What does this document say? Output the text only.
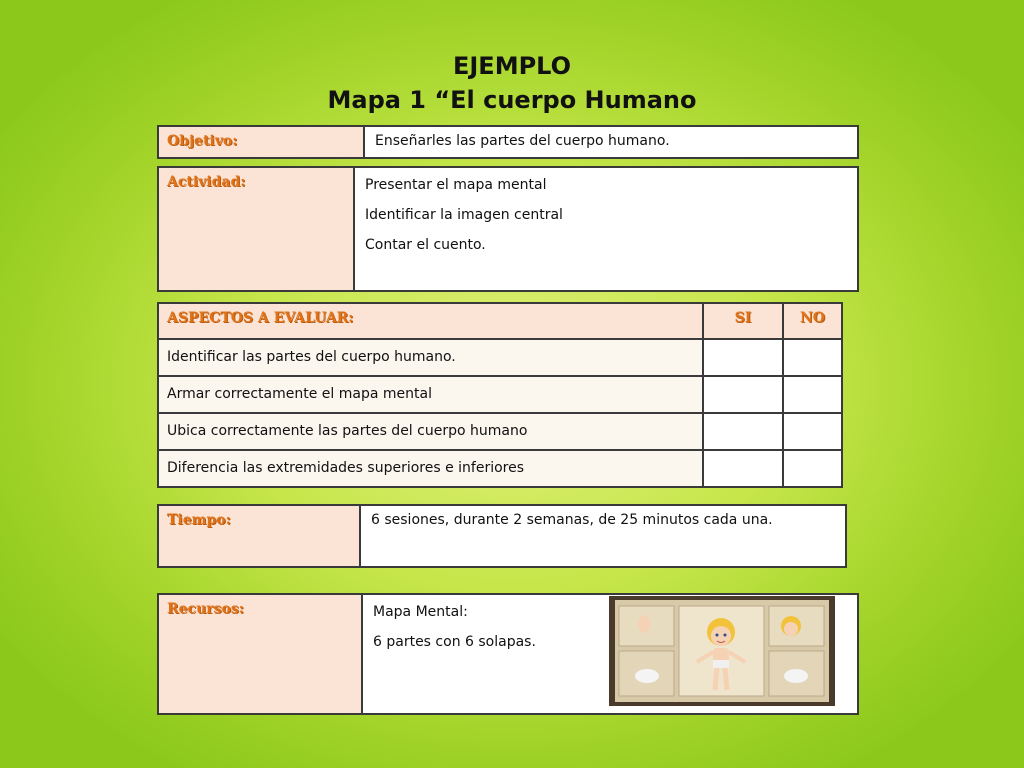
EJEMPLO
Mapa 1 “El cuerpo Humano
Objetivo:	Enseñarles las partes del cuerpo humano.
Actividad:	Presentar el mapa mental
Identificar la imagen central
Contar el cuento.
ASPECTOS A EVALUAR:	SI	NO
Identificar las partes del cuerpo humano.		
Armar correctamente el mapa mental		
Ubica correctamente las partes del cuerpo humano		
Diferencia las extremidades superiores e inferiores		
Tiempo:	6 sesiones, durante 2 semanas, de 25 minutos cada una.
Recursos:	Mapa Mental:
6 partes con 6 solapas.
